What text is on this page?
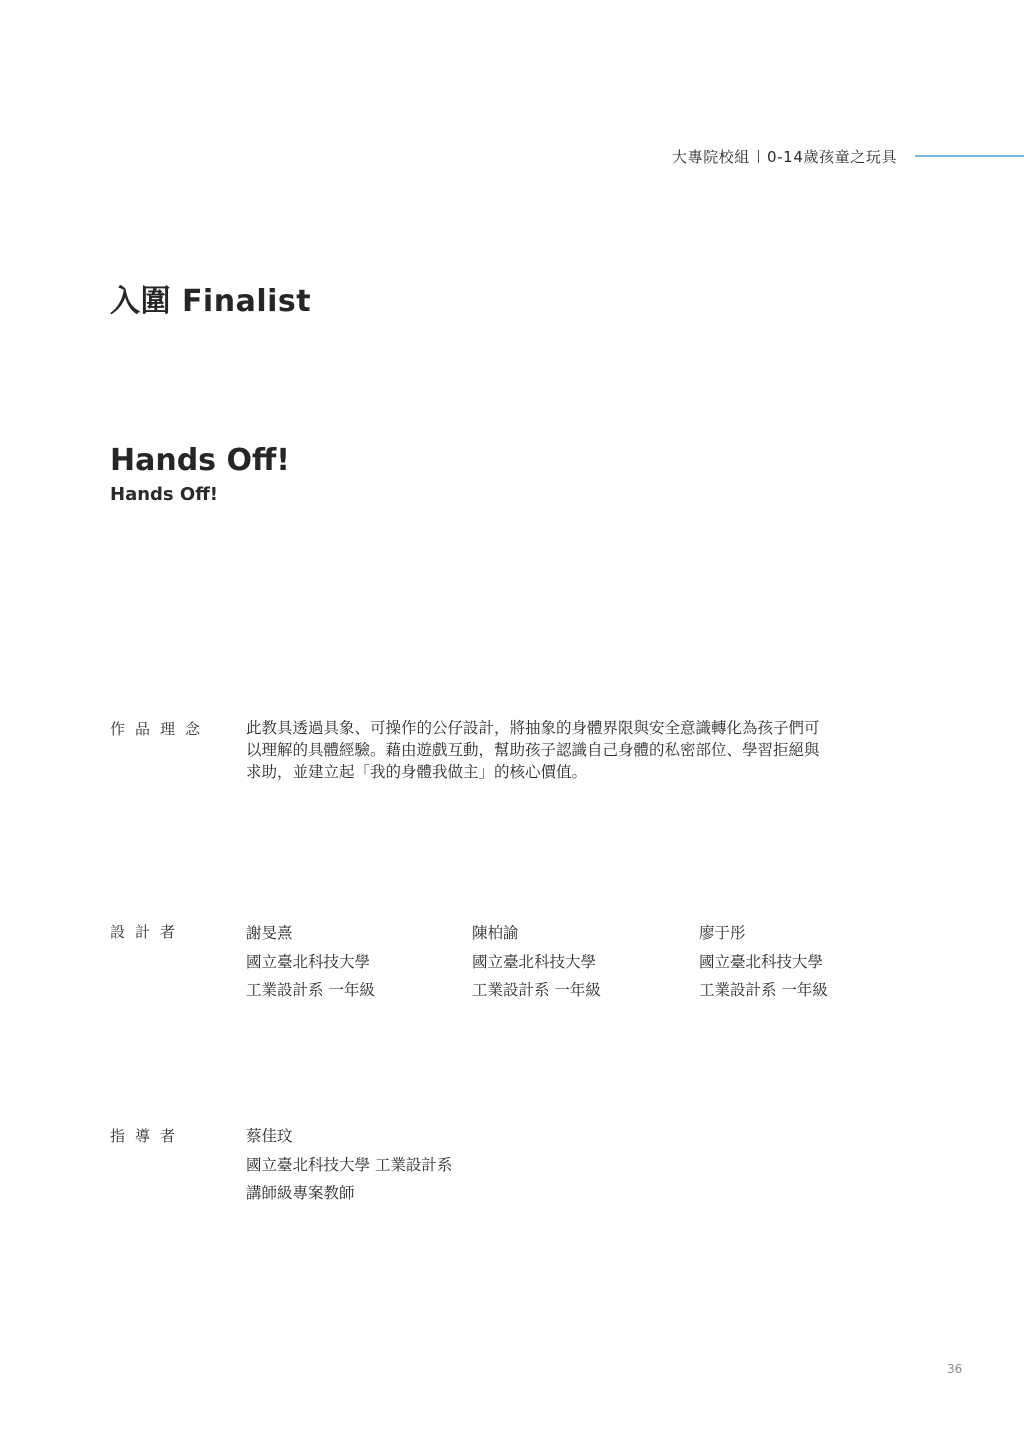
大專院校組 0-14歲孩童之玩具
入圍 Finalist
Hands Off!
Hands Off!
作品理念 此教具透過具象、可操作的公仔設計，將抽象的身體界限與安全意識轉化為孩子們可
以理解的具體經驗。藉由遊戲互動，幫助孩子認識自己身體的私密部位、學習拒絕與
求助，並建立起「我的身體我做主」的核心價值。
設計者	謝旻熹
國立臺北科技大學
工業設計系 一年級
陳柏諭
國立臺北科技大學
工業設計系 一年級
廖于彤
國立臺北科技大學
工業設計系 一年級
指導者	蔡佳玟
國立臺北科技大學 工業設計系
講師級專案教師
36
